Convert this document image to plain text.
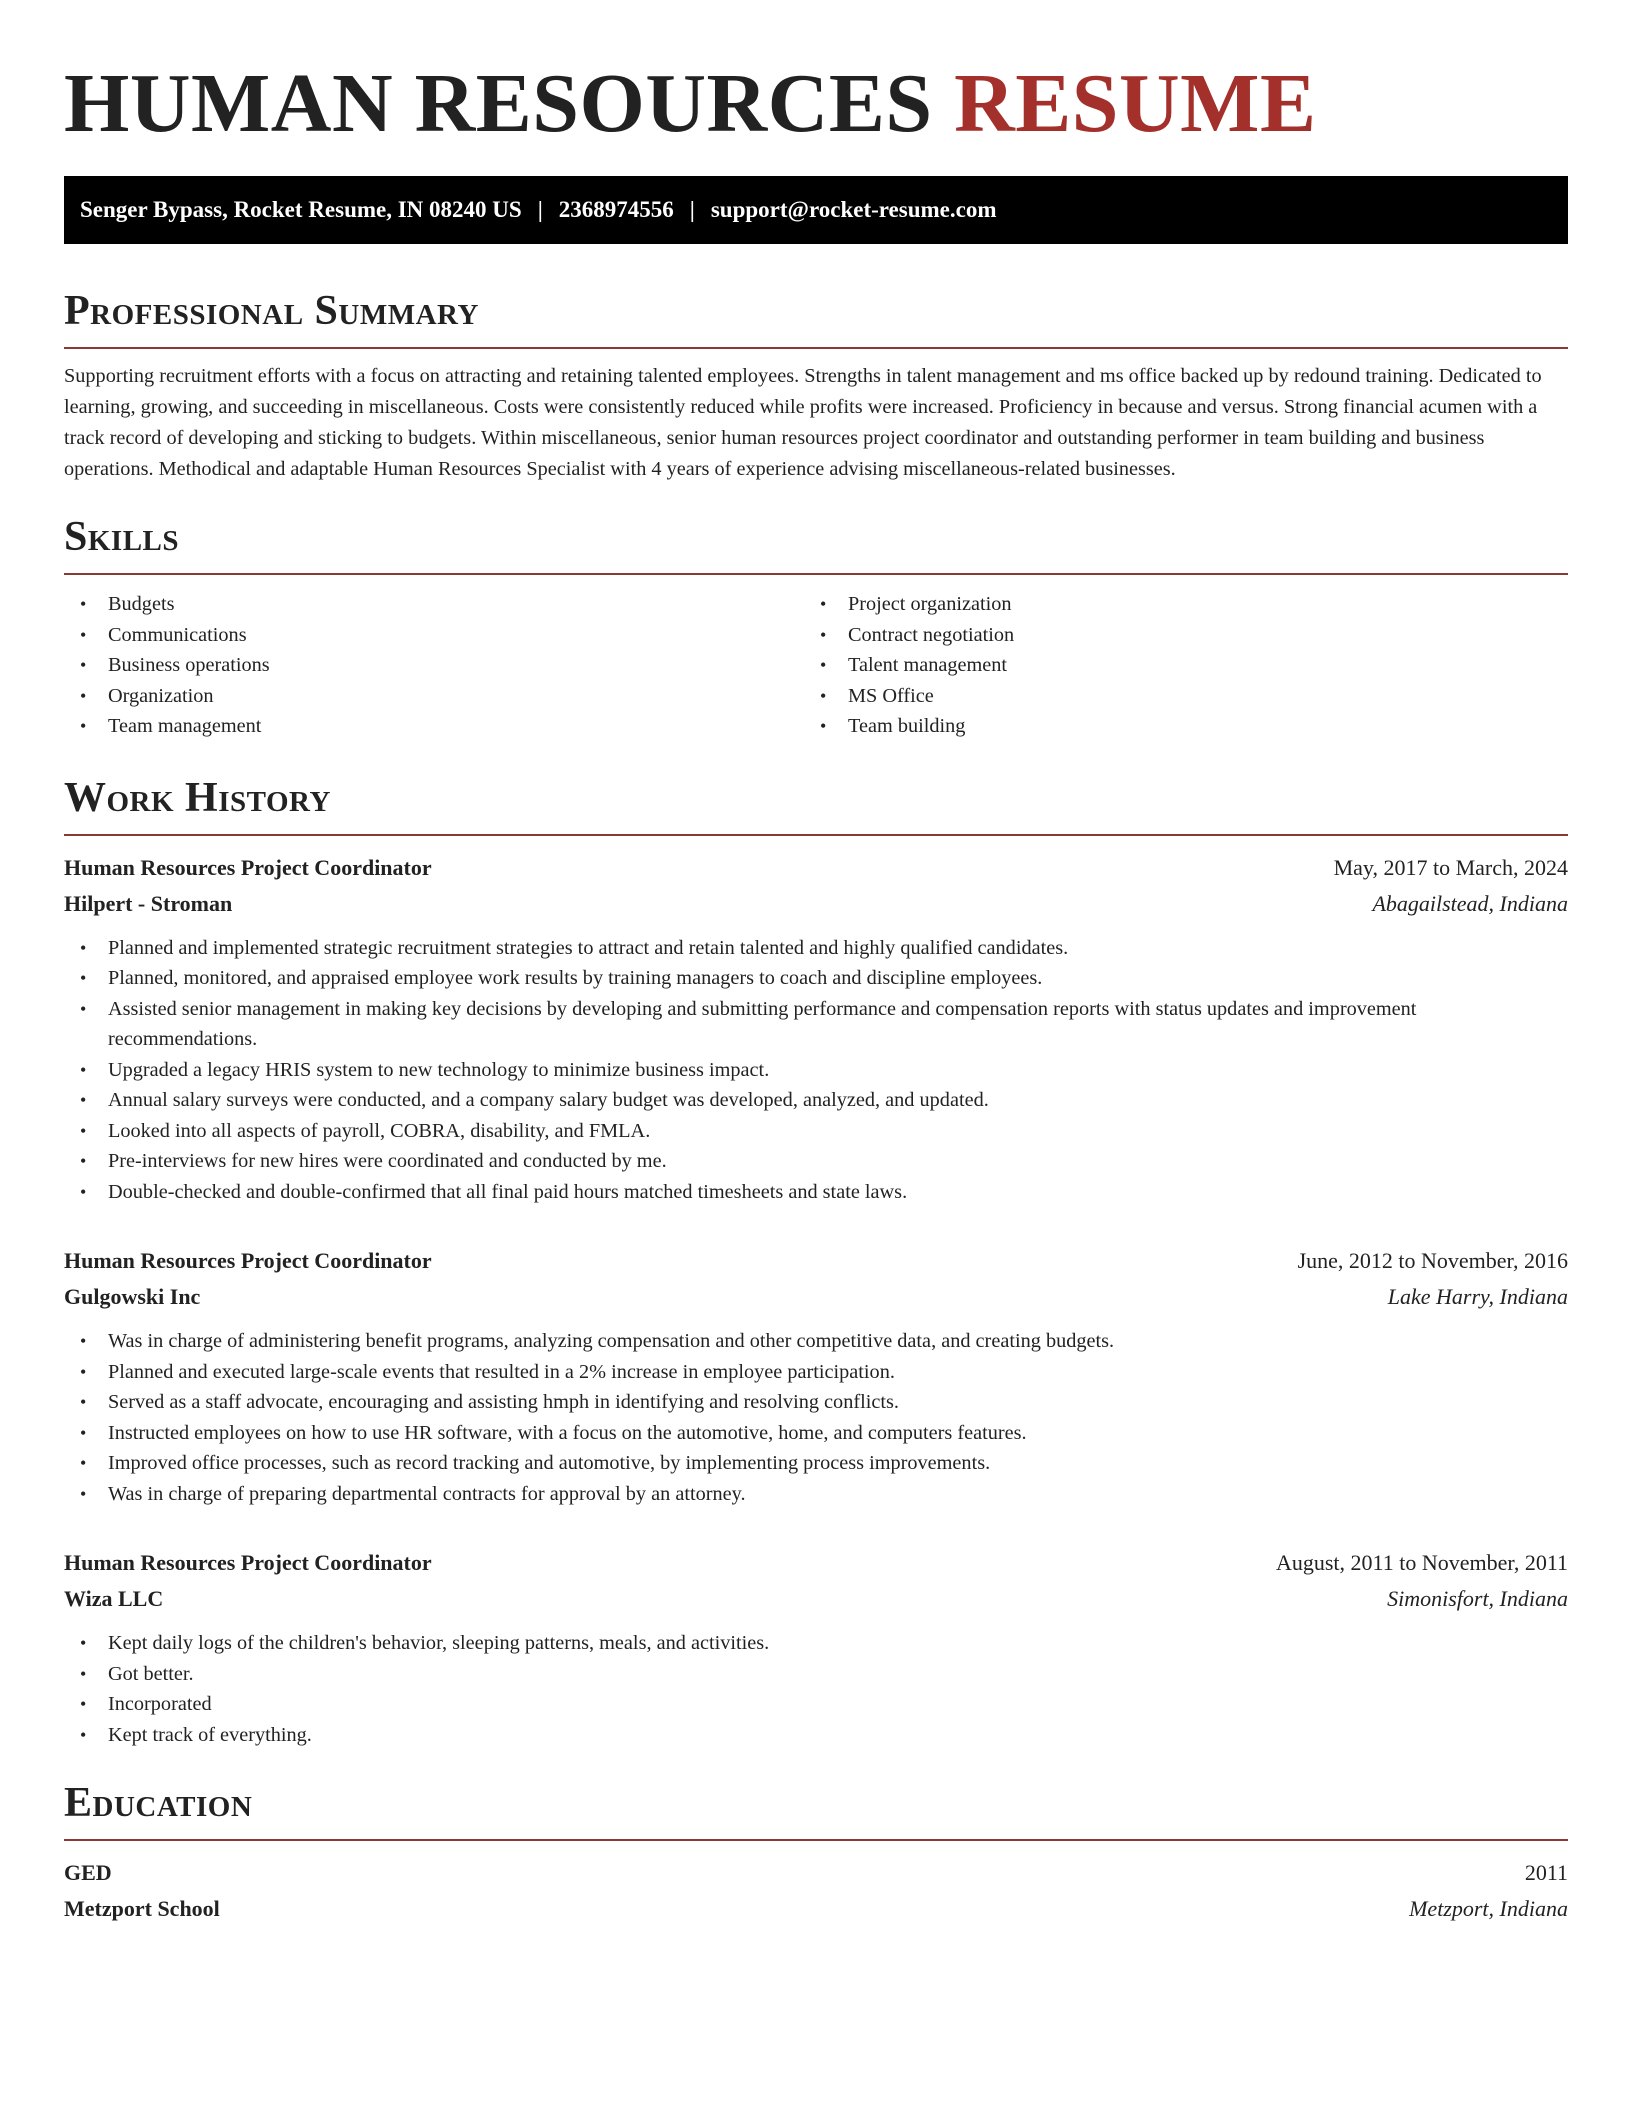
HUMAN RESOURCES RESUME
Senger Bypass, Rocket Resume, IN 08240 US | 2368974556 | support@rocket-resume.com
Professional Summary

Supporting recruitment efforts with a focus on attracting and retaining talented employees. Strengths in talent management and ms office backed up by redound training. Dedicated to learning, growing, and succeeding in miscellaneous. Costs were consistently reduced while profits were increased. Proficiency in because and versus. Strong financial acumen with a track record of developing and sticking to budgets. Within miscellaneous, senior human resources project coordinator and outstanding performer in team building and business operations. Methodical and adaptable Human Resources Specialist with 4 years of experience advising miscellaneous-related businesses.

Skills
• Budgets
• Communications
• Business operations
• Organization
• Team management
• Project organization
• Contract negotiation
• Talent management
• MS Office
• Team building
Work History
Human Resources Project Coordinator	May, 2017 to March, 2024
Hilpert - Stroman	Abagailstead, Indiana
• Planned and implemented strategic recruitment strategies to attract and retain talented and highly qualified candidates.
• Planned, monitored, and appraised employee work results by training managers to coach and discipline employees.
• Assisted senior management in making key decisions by developing and submitting performance and compensation reports with status updates and improvement recommendations.
• Upgraded a legacy HRIS system to new technology to minimize business impact.
• Annual salary surveys were conducted, and a company salary budget was developed, analyzed, and updated.
• Looked into all aspects of payroll, COBRA, disability, and FMLA.
• Pre-interviews for new hires were coordinated and conducted by me.
• Double-checked and double-confirmed that all final paid hours matched timesheets and state laws.
Human Resources Project Coordinator	June, 2012 to November, 2016
Gulgowski Inc	Lake Harry, Indiana
• Was in charge of administering benefit programs, analyzing compensation and other competitive data, and creating budgets.
• Planned and executed large-scale events that resulted in a 2% increase in employee participation.
• Served as a staff advocate, encouraging and assisting hmph in identifying and resolving conflicts.
• Instructed employees on how to use HR software, with a focus on the automotive, home, and computers features.
• Improved office processes, such as record tracking and automotive, by implementing process improvements.
• Was in charge of preparing departmental contracts for approval by an attorney.
Human Resources Project Coordinator	August, 2011 to November, 2011
Wiza LLC	Simonisfort, Indiana
• Kept daily logs of the children's behavior, sleeping patterns, meals, and activities.
• Got better.
• Incorporated
• Kept track of everything.
Education
GED	2011
Metzport School	Metzport, Indiana
